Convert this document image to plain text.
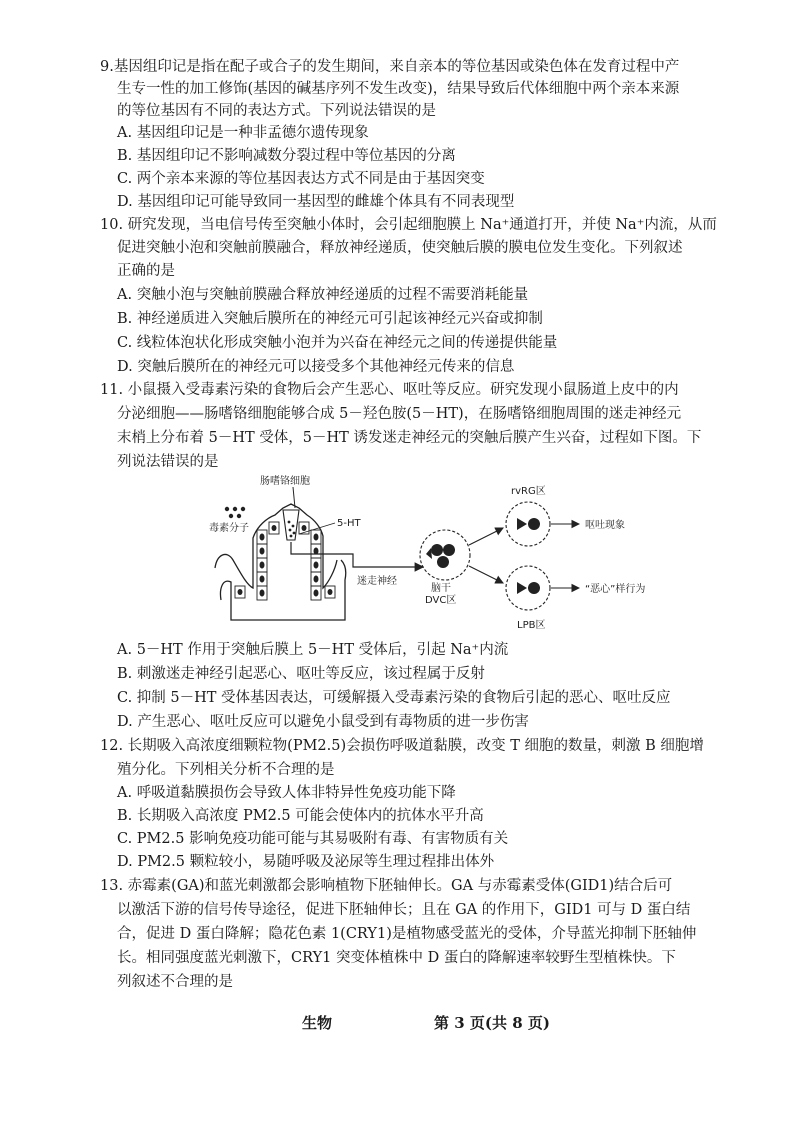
9.基因组印记是指在配子或合子的发生期间，来自亲本的等位基因或染色体在发育过程中产
生专一性的加工修饰(基因的碱基序列不发生改变)，结果导致后代体细胞中两个亲本来源
的等位基因有不同的表达方式。下列说法错误的是
A. 基因组印记是一种非孟德尔遗传现象
B. 基因组印记不影响减数分裂过程中等位基因的分离
C. 两个亲本来源的等位基因表达方式不同是由于基因突变
D. 基因组印记可能导致同一基因型的雌雄个体具有不同表现型
10. 研究发现，当电信号传至突触小体时，会引起细胞膜上 Na⁺通道打开，并使 Na⁺内流，从而
促进突触小泡和突触前膜融合，释放神经递质，使突触后膜的膜电位发生变化。下列叙述
正确的是
A. 突触小泡与突触前膜融合释放神经递质的过程不需要消耗能量
B. 神经递质进入突触后膜所在的神经元可引起该神经元兴奋或抑制
C. 线粒体泡状化形成突触小泡并为兴奋在神经元之间的传递提供能量
D. 突触后膜所在的神经元可以接受多个其他神经元传来的信息
11. 小鼠摄入受毒素污染的食物后会产生恶心、呕吐等反应。研究发现小鼠肠道上皮中的内
分泌细胞——肠嗜铬细胞能够合成 5－羟色胺(5－HT)，在肠嗜铬细胞周围的迷走神经元
末梢上分布着 5－HT 受体，5－HT 诱发迷走神经元的突触后膜产生兴奋，过程如下图。下
列说法错误的是
肠嗜铬细胞
毒素分子	5-HT
迷走神经
脑干
DVC区
rvRG区
呕吐现象
LPB区
“恶心”样行为
A. 5－HT 作用于突触后膜上 5－HT 受体后，引起 Na⁺内流
B. 刺激迷走神经引起恶心、呕吐等反应，该过程属于反射
C. 抑制 5－HT 受体基因表达，可缓解摄入受毒素污染的食物后引起的恶心、呕吐反应
D. 产生恶心、呕吐反应可以避免小鼠受到有毒物质的进一步伤害
12. 长期吸入高浓度细颗粒物(PM2.5)会损伤呼吸道黏膜，改变 T 细胞的数量，刺激 B 细胞增
殖分化。下列相关分析不合理的是
A. 呼吸道黏膜损伤会导致人体非特异性免疫功能下降
B. 长期吸入高浓度 PM2.5 可能会使体内的抗体水平升高
C. PM2.5 影响免疫功能可能与其易吸附有毒、有害物质有关
D. PM2.5 颗粒较小，易随呼吸及泌尿等生理过程排出体外
13. 赤霉素(GA)和蓝光刺激都会影响植物下胚轴伸长。GA 与赤霉素受体(GID1)结合后可
以激活下游的信号传导途径，促进下胚轴伸长；且在 GA 的作用下，GID1 可与 D 蛋白结
合，促进 D 蛋白降解；隐花色素 1(CRY1)是植物感受蓝光的受体，介导蓝光抑制下胚轴伸
长。相同强度蓝光刺激下，CRY1 突变体植株中 D 蛋白的降解速率较野生型植株快。下
列叙述不合理的是
生物	第 3 页(共 8 页)
